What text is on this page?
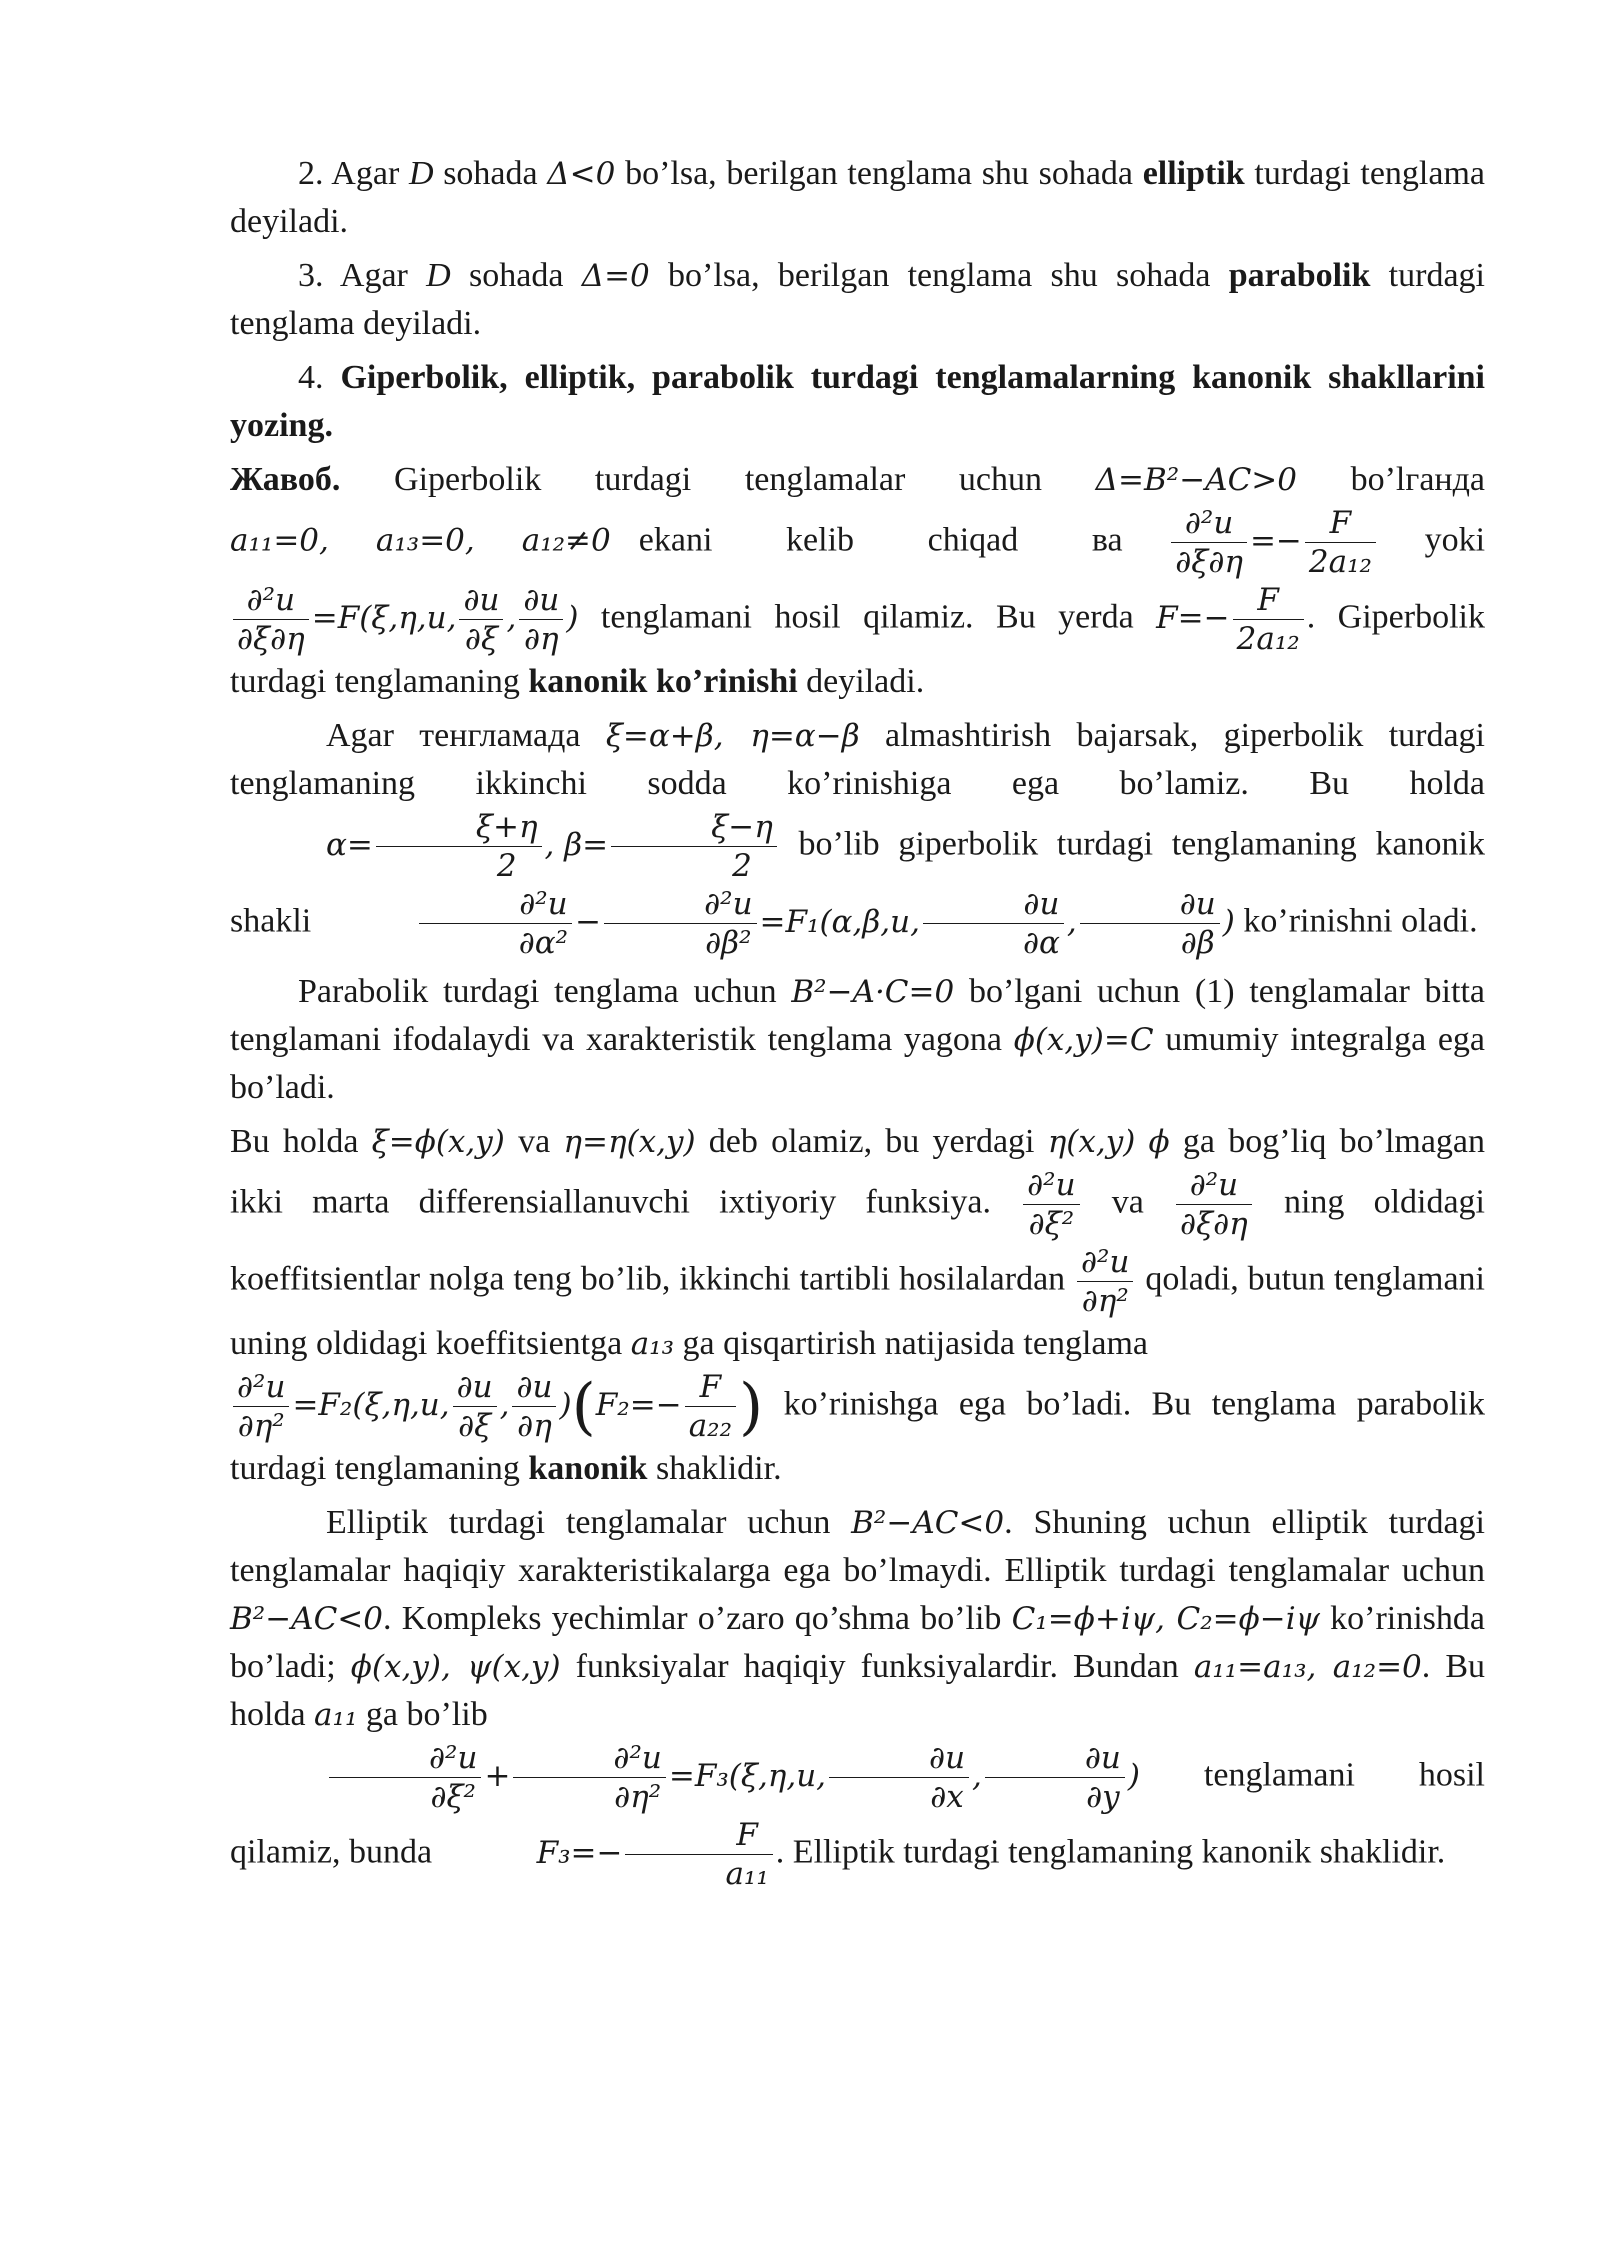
2. Agar D sohada Δ<0 bo’lsa, berilgan tenglama shu sohada elliptik turdagi tenglama deyiladi.

3. Agar D sohada Δ=0 bo’lsa, berilgan tenglama shu sohada parabolik turdagi tenglama deyiladi.

4. Giperbolik, elliptik, parabolik turdagi tenglamalarning kanonik shakllarini yozing.

Жавоб. Giperbolik turdagi tenglamalar uchun Δ=B²−AC>0 bo’lганда a₁₁=0, a₁₃=0, a₁₂≠0 ekani kelib chiqad ва $\frac{\text{∂²u}}{\partial\xi\partial\eta} =- \frac{F}{\text{2a₁₂}}$ yoki
$\frac{\text{∂²u}}{\partial\xi\partial\eta} =F(\xi,\eta,u$, $\frac{\partial u}{\partial\xi}$ , $\frac{\partial u}{\partial\eta}$ ) tenglamani hosil qilamiz. Bu yerda $F=- \frac{F}{\text{2a₁₂}}$ . Giperbolik turdagi tenglamaning kanonik ko’rinishi deyiladi.

Agar тенгламада ξ=α+β, η=α−β almashtirish bajarsak, giperbolik turdagi tenglamaning ikkinchi sodda ko’rinishiga ega bo’lamiz. Bu holda $\alpha= \frac{\xi+\eta}{2}$ , $\beta= \frac{\xi-\eta}{2}$ bo’lib giperbolik turdagi tenglamaning kanonik shakli	$\frac{\text{∂²u}}{\text{∂α²}} - \frac{\text{∂²u}}{\text{∂β²}} =F_1(\alpha,\beta,u$, $\frac{\partial u}{\partial\alpha}$ , $\frac{\partial u}{\partial\beta}$ ) ko’rinishni oladi.

Parabolik turdagi tenglama uchun B²−A·C=0 bo’lgani uchun (1) tenglamalar bitta tenglamani ifodalaydi va xarakteristik tenglama yagona ϕ(x,y)=C umumiy integralga ega bo’ladi.

Bu holda ξ=ϕ(x,y) va η=η(x,y) deb olamiz, bu yerdagi η(x,y) ϕ ga bog’liq bo’lmagan ikki marta differensiallanuvchi ixtiyoriy funksiya. $\frac{\text{∂²u}}{\text{∂ξ²}}$ va $\frac{\text{∂²u}}{\partial\xi\partial\eta}$ ning oldidagi koeffitsientlar nolga teng bo’lib, ikkinchi tartibli hosilalardan $\frac{\text{∂²u}}{\text{∂η²}}$ qoladi, butun tenglamani uning oldidagi koeffitsientga a₁₃ ga qisqartirish natijasida tenglama

$\frac{\text{∂²u}}{\text{∂η²}} =F_2(\xi,\eta,u$, $\frac{\partial u}{\partial\xi}$ , $\frac{\partial u}{\partial\eta} )(F_2=- \frac{F}{\text{a₂₂}}$ ) ko’rinishga ega bo’ladi. Bu tenglama parabolik turdagi tenglamaning kanonik shaklidir.

Elliptik turdagi tenglamalar uchun B²−AC<0. Shuning uchun elliptik turdagi tenglamalar haqiqiy xarakteristikalarga ega bo’lmaydi. Elliptik turdagi tenglamalar uchun B²−AC<0. Kompleks yechimlar o’zaro qo’shma bo’lib C₁=ϕ+iψ, C₂=ϕ−iψ ko’rinishda bo’ladi; ϕ(x,y), ψ(x,y) funksiyalar haqiqiy funksiyalardir. Bundan a₁₁=a₁₃, a₁₂=0. Bu holda a₁₁ ga bo’lib

$\frac{\text{∂²u}}{\text{∂ξ²}} + \frac{\text{∂²u}}{\text{∂η²}} =F_3(\xi,\eta,u$, $\frac{\partial u}{\partial x}$ , $\frac{\partial u}{\partial y}$ ) tenglamani hosil qilamiz, bunda	$F_3=- \frac{F}{\text{a₁₁}}$ . Elliptik turdagi tenglamaning kanonik shaklidir.
